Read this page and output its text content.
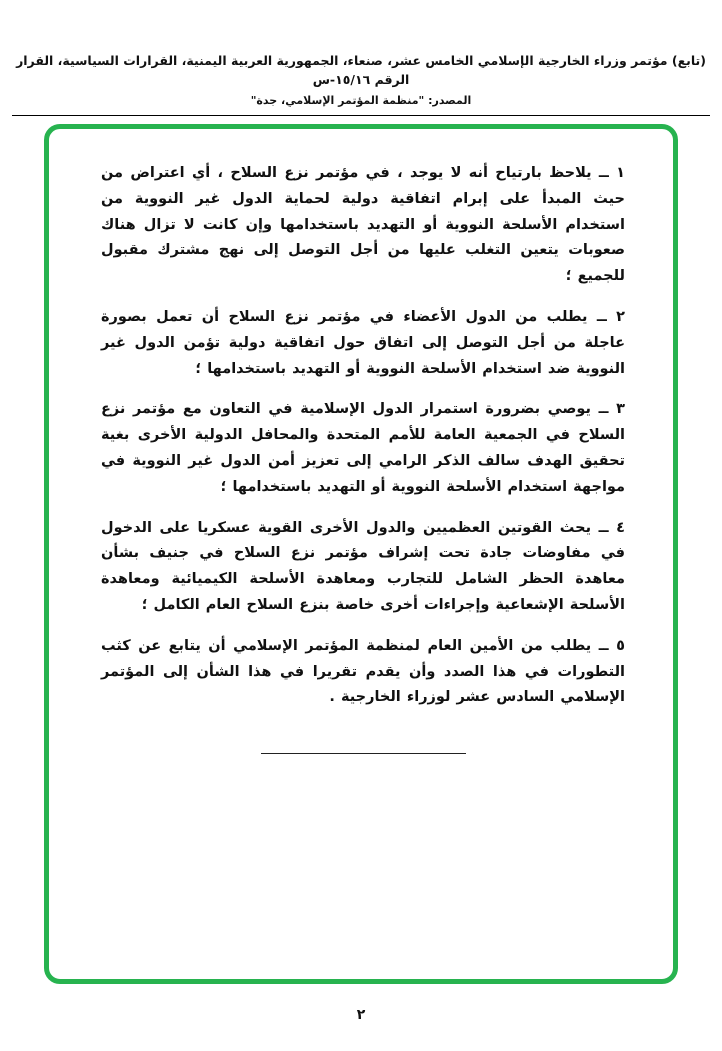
(تابع) مؤتمر وزراء الخارجية الإسلامي الخامس عشر، صنعاء، الجمهورية العربية اليمنية، القرارات السياسية، القرار الرقم ١٥/١٦-س
المصدر: "منظمة المؤتمر الإسلامي، جدة"
١ ــ يلاحظ بارتياح أنه لا يوجد ، في مؤتمر نزع السلاح ، أي اعتراض من حيث المبدأ على إبرام اتفاقية دولية لحماية الدول غير النووية من استخدام الأسلحة النووية أو التهديد باستخدامها وإن كانت لا تزال هناك صعوبات يتعين التغلب عليها من أجل التوصل إلى نهج مشترك مقبول للجميع ؛
٢ ــ يطلب من الدول الأعضاء في مؤتمر نزع السلاح أن تعمل بصورة عاجلة من أجل التوصل إلى اتفاق حول اتفاقية دولية تؤمن الدول غير النووية ضد استخدام الأسلحة النووية أو التهديد باستخدامها ؛
٣ ــ يوصي بضرورة استمرار الدول الإسلامية في التعاون مع مؤتمر نزع السلاح في الجمعية العامة للأمم المتحدة والمحافل الدولية الأخرى بغية تحقيق الهدف سالف الذكر الرامي إلى تعزيز أمن الدول غير النووية في مواجهة استخدام الأسلحة النووية أو التهديد باستخدامها ؛
٤ ــ يحث القوتين العظميين والدول الأخرى القوية عسكريا على الدخول في مفاوضات جادة تحت إشراف مؤتمر نزع السلاح في جنيف بشأن معاهدة الحظر الشامل للتجارب ومعاهدة الأسلحة الكيميائية ومعاهدة الأسلحة الإشعاعية وإجراءات أخرى خاصة بنزع السلاح العام الكامل ؛
٥ ــ يطلب من الأمين العام لمنظمة المؤتمر الإسلامي أن يتابع عن كثب التطورات في هذا الصدد وأن يقدم تقريرا في هذا الشأن إلى المؤتمر الإسلامي السادس عشر لوزراء الخارجية .
٢
